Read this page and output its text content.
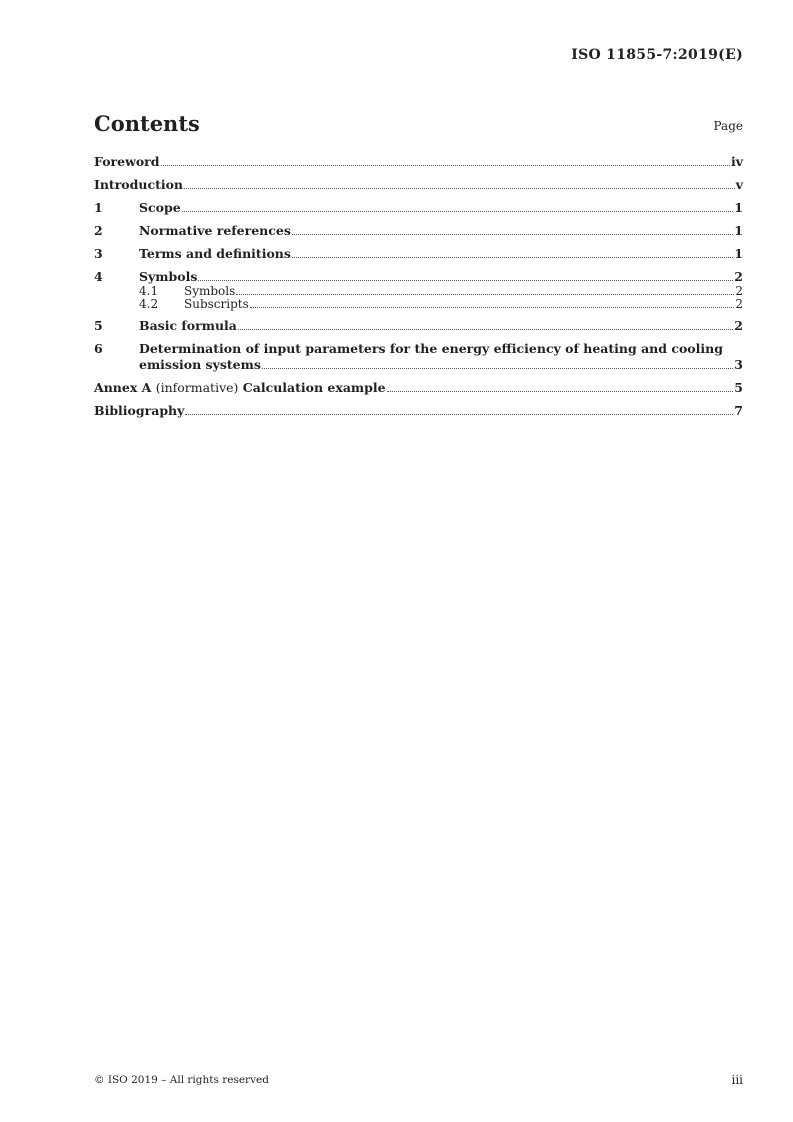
ISO 11855-7:2019(E)
Contents	Page
Foreword	iv
Introduction	v
1	Scope	1
2	Normative references	1
3	Terms and definitions	1
4	Symbols	2
4.1	Symbols	2
4.2	Subscripts	2
5	Basic formula	2
6	Determination of input parameters for the energy efficiency of heating and cooling
emission systems	3
Annex A (informative) Calculation example	5
Bibliography	7
© ISO 2019 – All rights reserved	iii
